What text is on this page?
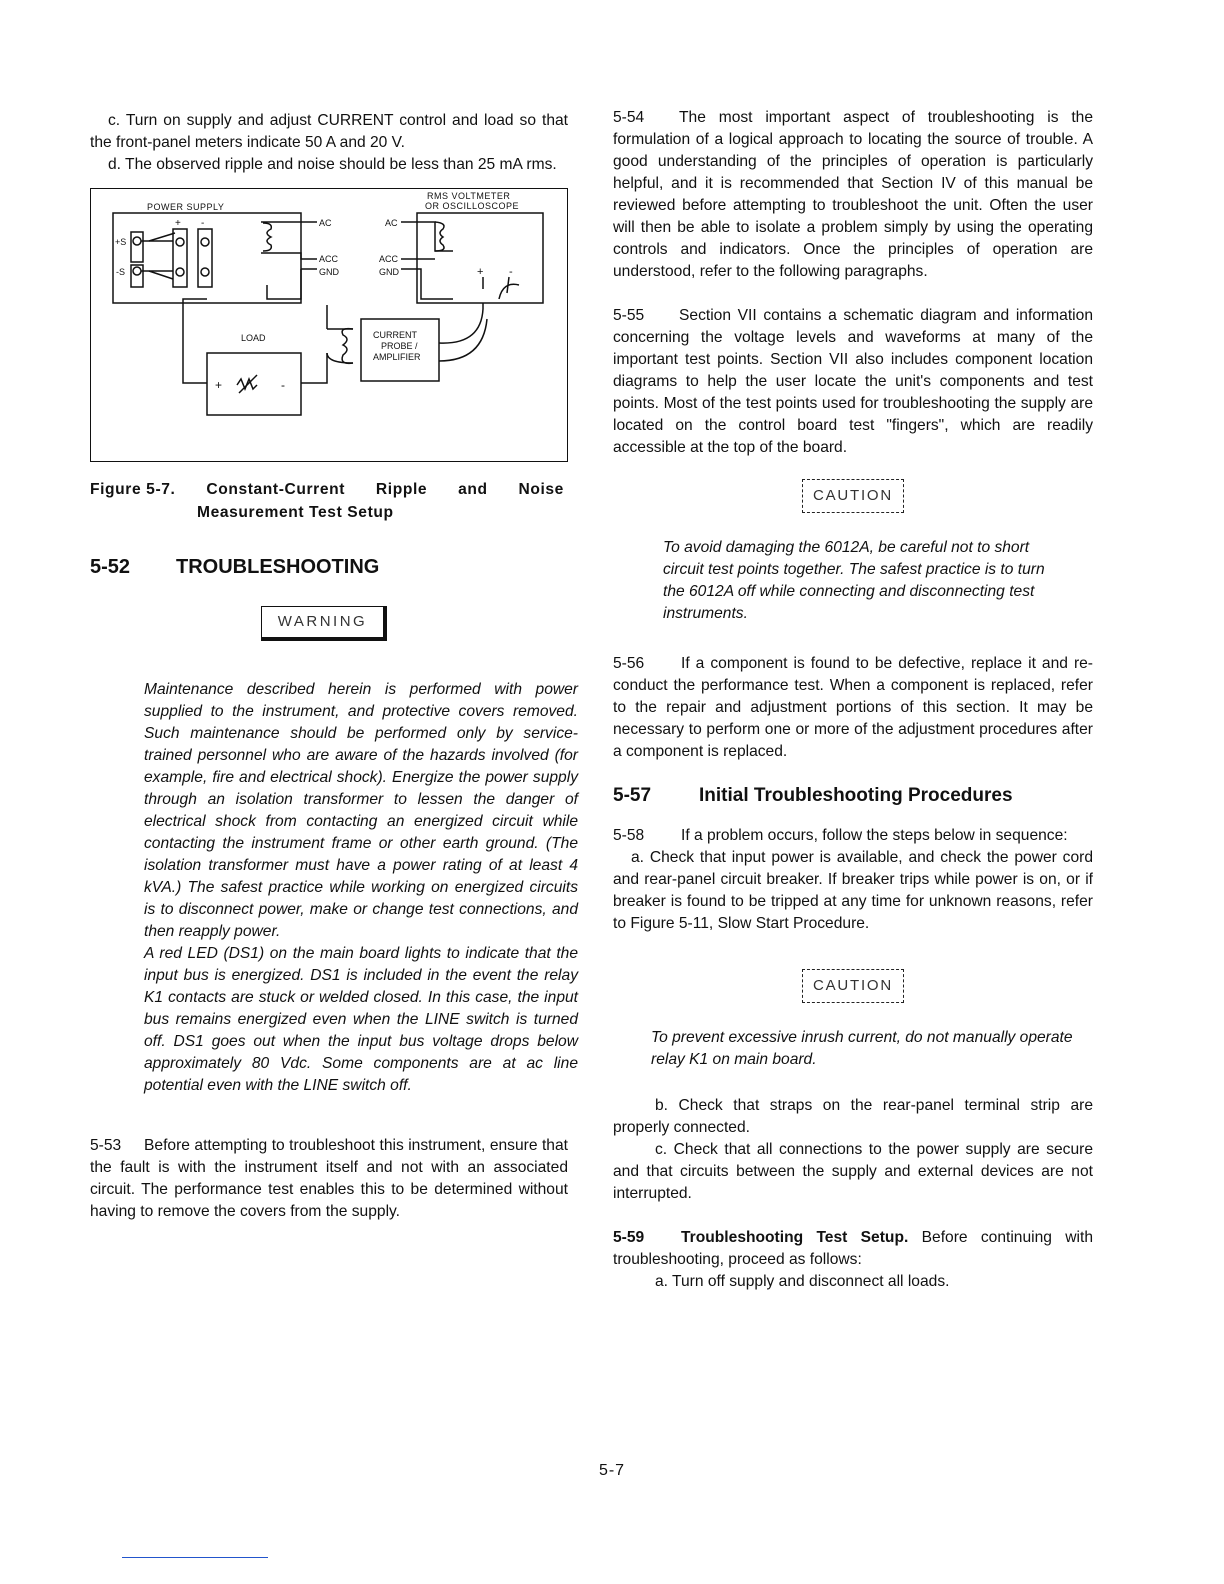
c. Turn on supply and adjust CURRENT control and load so that the front-panel meters indicate 50 A and 20 V.

d. The observed ripple and noise should be less than 25 mA rms.

POWER SUPPLY
RMS VOLTMETER
OR OSCILLOSCOPE
+ -
+S
-S
AC
ACC
GND
AC
ACC
GND	+ -
LOAD	CURRENT
PROBE /
AMPLIFIER
+	-
Figure 5-7. Constant-Current Ripple and Noise
Measurement Test Setup
5-52	TROUBLESHOOTING
WARNING

Maintenance described herein is performed with power supplied to the instrument, and protective covers removed. Such maintenance should be performed only by service-trained personnel who are aware of the hazards involved (for example, fire and electrical shock). Energize the power supply through an isolation transformer to lessen the danger of electrical shock from contacting an energized circuit while contacting the instrument frame or other earth ground. (The isolation transformer must have a power rating of at least 4 kVA.) The safest practice while working on energized circuits is to disconnect power, make or change test connections, and then reapply power.

A red LED (DS1) on the main board lights to indicate that the input bus is energized. DS1 is included in the event the relay K1 contacts are stuck or welded closed. In this case, the input bus remains energized even when the LINE switch is turned off. DS1 goes out when the input bus voltage drops below approximately 80 Vdc. Some components are at ac line potential even with the LINE switch off.

5-53 Before attempting to troubleshoot this instrument, ensure that the fault is with the instrument itself and not with an associated circuit. The performance test enables this to be determined without having to remove the covers from the supply.

5-54 The most important aspect of troubleshooting is the formulation of a logical approach to locating the source of trouble. A good understanding of the principles of operation is particularly helpful, and it is recommended that Section IV of this manual be reviewed before attempting to troubleshoot the unit. Often the user will then be able to isolate a problem simply by using the operating controls and indicators. Once the principles of operation are understood, refer to the following paragraphs.

5-55 Section VII contains a schematic diagram and information concerning the voltage levels and waveforms at many of the important test points. Section VII also includes component location diagrams to help the user locate the unit's components and test points. Most of the test points used for troubleshooting the supply are located on the control board test "fingers", which are readily accessible at the top of the board.

CAUTION

To avoid damaging the 6012A, be careful not to short circuit test points together. The safest practice is to turn the 6012A off while connecting and disconnecting test instruments.

5-56 If a component is found to be defective, replace it and re-conduct the performance test. When a component is replaced, refer to the repair and adjustment portions of this section. It may be necessary to perform one or more of the adjustment procedures after a component is replaced.

5-57	Initial Troubleshooting Procedures

5-58 If a problem occurs, follow the steps below in sequence:

a. Check that input power is available, and check the power cord and rear-panel circuit breaker. If breaker trips while power is on, or if breaker is found to be tripped at any time for unknown reasons, refer to Figure 5-11, Slow Start Procedure.

CAUTION

To prevent excessive inrush current, do not manually operate relay K1 on main board.

b. Check that straps on the rear-panel terminal strip are properly connected.

c. Check that all connections to the power supply are secure and that circuits between the supply and external devices are not interrupted.

5-59 Troubleshooting Test Setup. Before continuing with troubleshooting, proceed as follows:

a. Turn off supply and disconnect all loads.

5-7
